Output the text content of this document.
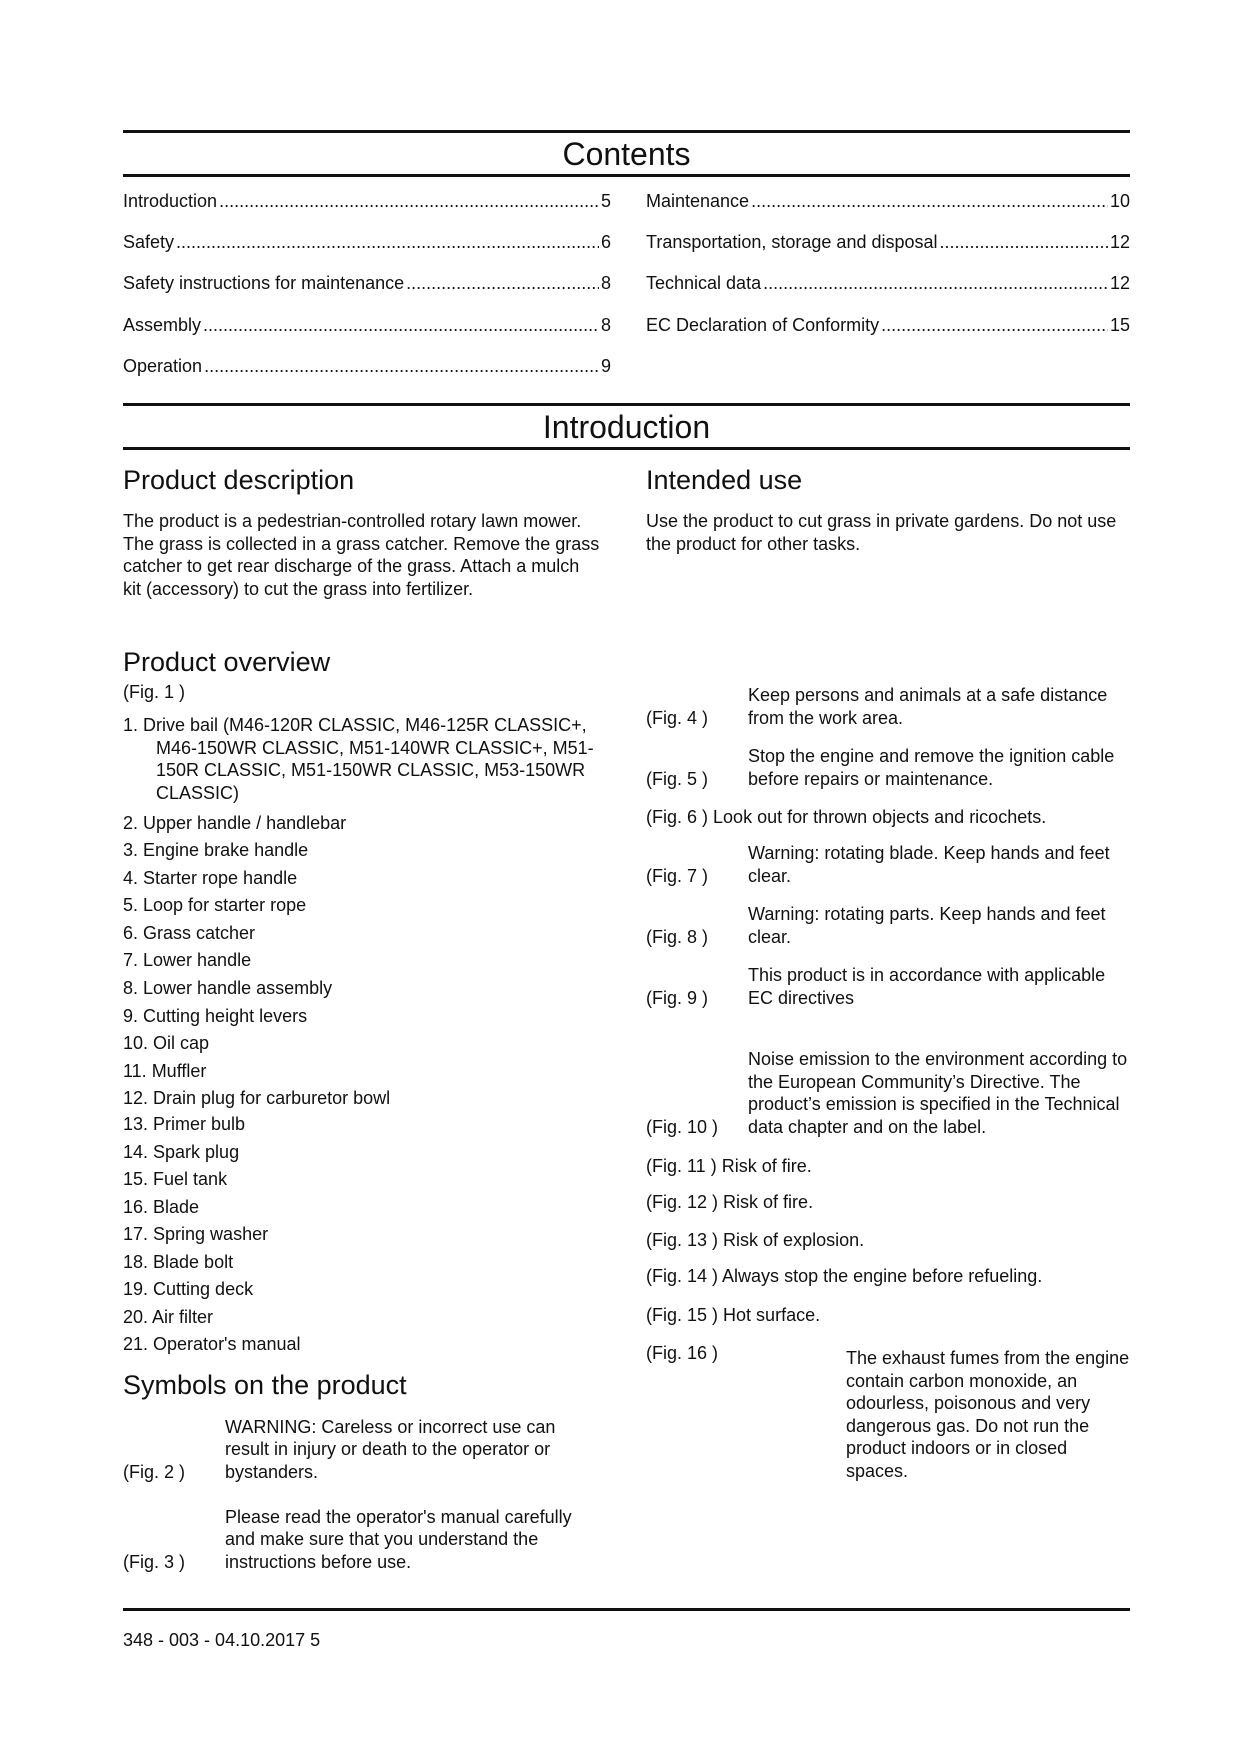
Contents
Introduction .....	5
Safety .....	6
Safety instructions for maintenance .....	8
Assembly .....	8
Operation .....	9
Maintenance .....	10
Transportation, storage and disposal .....	12
Technical data .....	12
EC Declaration of Conformity .....	15
Introduction
Product description

The product is a pedestrian-controlled rotary lawn mower. The grass is collected in a grass catcher. Remove the grass catcher to get rear discharge of the grass. Attach a mulch kit (accessory) to cut the grass into fertilizer.

Product overview
(Fig. 1 )
1. Drive bail (M46-120R CLASSIC, M46-125R CLASSIC+, M46-150WR CLASSIC, M51-140WR CLASSIC+, M51-150R CLASSIC, M51-150WR CLASSIC, M53-150WR CLASSIC)
2. Upper handle / handlebar
3. Engine brake handle
4. Starter rope handle
5. Loop for starter rope
6. Grass catcher
7. Lower handle
8. Lower handle assembly
9. Cutting height levers
10. Oil cap
11. Muffler
12. Drain plug for carburetor bowl
13. Primer bulb
14. Spark plug
15. Fuel tank
16. Blade
17. Spring washer
18. Blade bolt
19. Cutting deck
20. Air filter
21. Operator's manual
Symbols on the product
(Fig. 2 )
WARNING: Careless or incorrect use can result in injury or death to the operator or bystanders.
(Fig. 3 )
Please read the operator's manual carefully and make sure that you understand the instructions before use.
Intended use

Use the product to cut grass in private gardens. Do not use the product for other tasks.

(Fig. 4 )
Keep persons and animals at a safe distance from the work area.
(Fig. 5 )
Stop the engine and remove the ignition cable before repairs or maintenance.
(Fig. 6 ) Look out for thrown objects and ricochets.
(Fig. 7 )
Warning: rotating blade. Keep hands and feet clear.
(Fig. 8 )
Warning: rotating parts. Keep hands and feet clear.
(Fig. 9 )
This product is in accordance with applicable EC directives
(Fig. 10 )
Noise emission to the environment according to the European Community’s Directive. The product’s emission is specified in the Technical data chapter and on the label.
(Fig. 11 ) Risk of fire.
(Fig. 12 ) Risk of fire.
(Fig. 13 ) Risk of explosion.
(Fig. 14 ) Always stop the engine before refueling.
(Fig. 15 ) Hot surface.
(Fig. 16 )	The exhaust fumes from the engine contain carbon monoxide, an odourless, poisonous and very dangerous gas. Do not run the product indoors or in closed spaces.

348 - 003 - 04.10.2017 5
